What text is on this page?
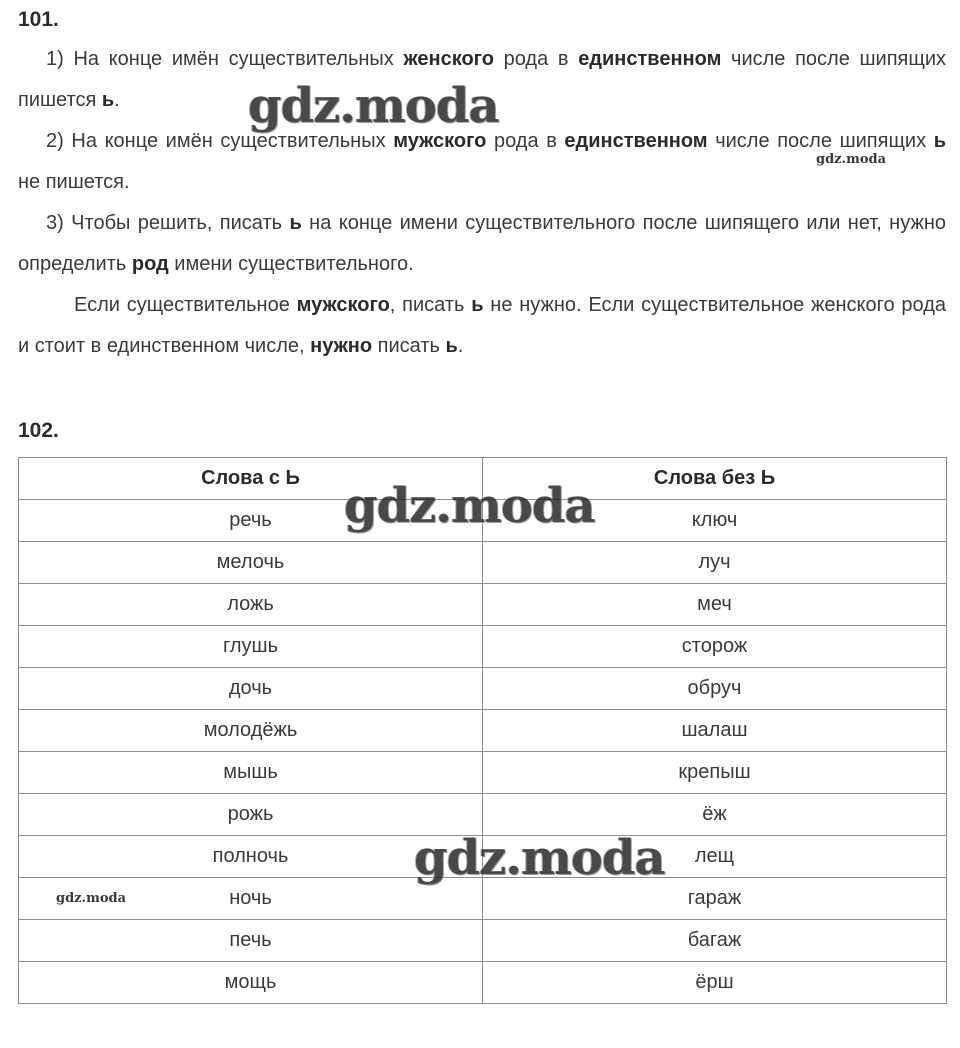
101.

1) На конце имён существительных женского рода в единственном числе после шипящих пишется ь.

2) На конце имён существительных мужского рода в единственном числе после шипящих ь не пишется.

3) Чтобы решить, писать ь на конце имени существительного после шипящего или нет, нужно определить род имени существительного.

Если существительное мужского, писать ь не нужно. Если существительное женского рода и стоит в единственном числе, нужно писать ь.

102.
Слова с Ь	Слова без Ь
речь	ключ
мелочь	луч
ложь	меч
глушь	сторож
дочь	обруч
молодёжь	шалаш
мышь	крепыш
рожь	ёж
полночь	лещ
ночь	гараж
печь	багаж
мощь	ёрш
gdz.moda
gdz.moda
gdz.moda
gdz.moda
gdz.moda
